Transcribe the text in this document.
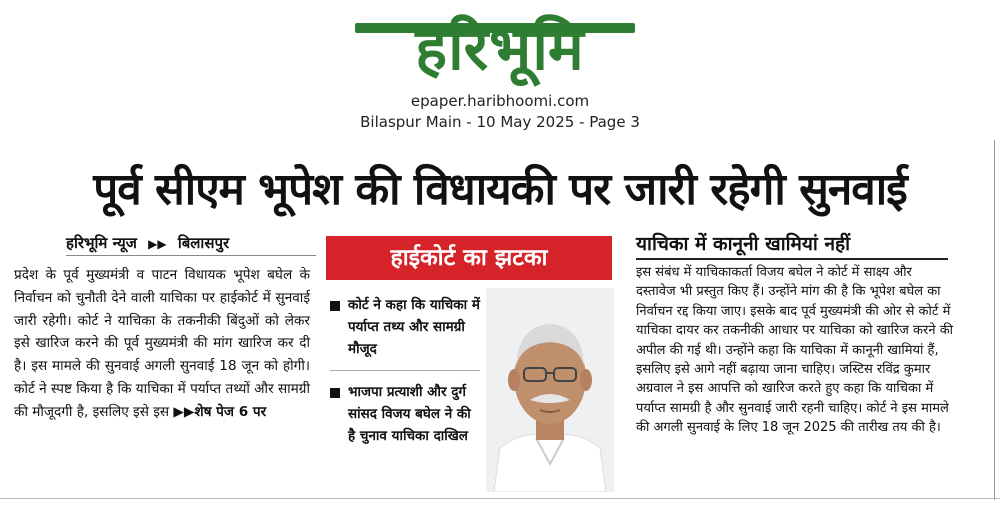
हरिभूमि
epaper.haribhoomi.com
Bilaspur Main - 10 May 2025 - Page 3
पूर्व सीएम भूपेश की विधायकी पर जारी रहेगी सुनवाई
हरिभूमि न्यूज ▶▶ बिलासपुर
प्रदेश के पूर्व मुख्यमंत्री व पाटन विधायक भूपेश बघेल के निर्वाचन को चुनौती देने वाली याचिका पर हाईकोर्ट में सुनवाई जारी रहेगी। कोर्ट ने याचिका के तकनीकी बिंदुओं को लेकर इसे खारिज करने की पूर्व मुख्यमंत्री की मांग खारिज कर दी है। इस मामले की सुनवाई अगली सुनवाई 18 जून को होगी। कोर्ट ने स्पष्ट किया है कि याचिका में पर्याप्त तथ्यों और सामग्री की मौजूदगी है, इसलिए इसे इस ▶▶शेष पेज 6 पर
हाईकोर्ट का झटका
कोर्ट ने कहा कि याचिका में पर्याप्त तथ्य और सामग्री मौजूद
भाजपा प्रत्याशी और दुर्ग सांसद विजय बघेल ने की है चुनाव याचिका दाखिल
याचिका में कानूनी खामियां नहीं
इस संबंध में याचिकाकर्ता विजय बघेल ने कोर्ट में साक्ष्य और दस्तावेज भी प्रस्तुत किए हैं। उन्होंने मांग की है कि भूपेश बघेल का निर्वाचन रद्द किया जाए। इसके बाद पूर्व मुख्यमंत्री की ओर से कोर्ट में याचिका दायर कर तकनीकी आधार पर याचिका को खारिज करने की अपील की गई थी। उन्होंने कहा कि याचिका में कानूनी खामियां हैं, इसलिए इसे आगे नहीं बढ़ाया जाना चाहिए। जस्टिस रविंद्र कुमार अग्रवाल ने इस आपत्ति को खारिज करते हुए कहा कि याचिका में पर्याप्त सामग्री है और सुनवाई जारी रहनी चाहिए। कोर्ट ने इस मामले की अगली सुनवाई के लिए 18 जून 2025 की तारीख तय की है।
